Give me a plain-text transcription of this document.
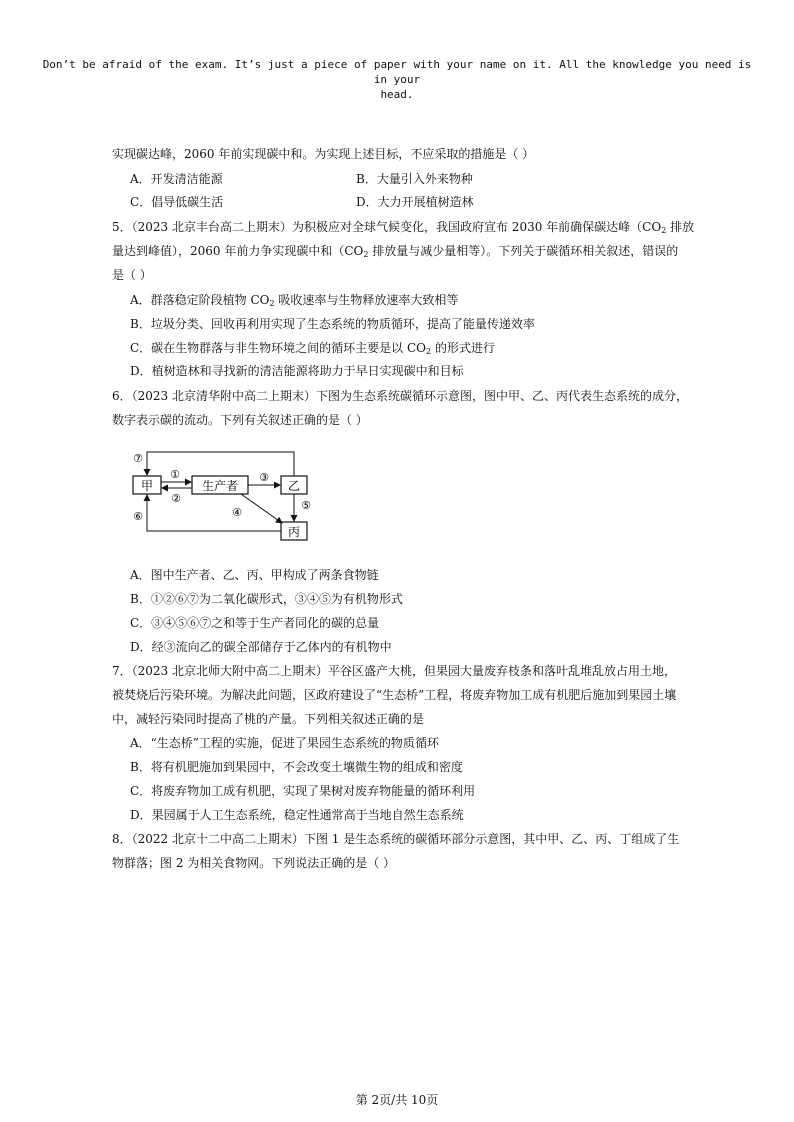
Don’t be afraid of the exam. It’s just a piece of paper with your name on it. All the knowledge you need is in your
head.
实现碳达峰，2060 年前实现碳中和。为实现上述目标，不应采取的措施是（ ）
A．开发清洁能源	B．大量引入外来物种
C．倡导低碳生活	D．大力开展植树造林
5．（2023 北京丰台高二上期末）为积极应对全球气候变化，我国政府宣布 2030 年前确保碳达峰（$CO_2$ 排放
量达到峰值），2060 年前力争实现碳中和（$CO_2$ 排放量与减少量相等）。下列关于碳循环相关叙述，错误的
是（ ）
A．群落稳定阶段植物 $CO_2$ 吸收速率与生物释放速率大致相等
B．垃圾分类、回收再利用实现了生态系统的物质循环，提高了能量传递效率
C．碳在生物群落与非生物环境之间的循环主要是以 $CO_2$ 的形式进行
D．植树造林和寻找新的清洁能源将助力于早日实现碳中和目标
6．（2023 北京清华附中高二上期末）下图为生态系统碳循环示意图，图中甲、乙、丙代表生态系统的成分，
数字表示碳的流动。下列有关叙述正确的是（ ）
甲	生产者	乙
丙
①
②
③
④
⑤
⑥
⑦
A．图中生产者、乙、丙、甲构成了两条食物链
B．①②⑥⑦为二氧化碳形式，③④⑤为有机物形式
C．③④⑤⑥⑦之和等于生产者同化的碳的总量
D．经③流向乙的碳全部储存于乙体内的有机物中
7．（2023 北京北师大附中高二上期末）平谷区盛产大桃，但果园大量废弃枝条和落叶乱堆乱放占用土地，
被焚烧后污染环境。为解决此问题，区政府建设了“生态桥”工程，将废弃物加工成有机肥后施加到果园土壤
中，减轻污染同时提高了桃的产量。下列相关叙述正确的是
A．“生态桥”工程的实施，促进了果园生态系统的物质循环
B．将有机肥施加到果园中，不会改变土壤微生物的组成和密度
C．将废弃物加工成有机肥，实现了果树对废弃物能量的循环利用
D．果园属于人工生态系统，稳定性通常高于当地自然生态系统
8．（2022 北京十二中高二上期末）下图 1 是生态系统的碳循环部分示意图，其中甲、乙、丙、丁组成了生
物群落；图 2 为相关食物网。下列说法正确的是（ ）
第 2页/共 10页
